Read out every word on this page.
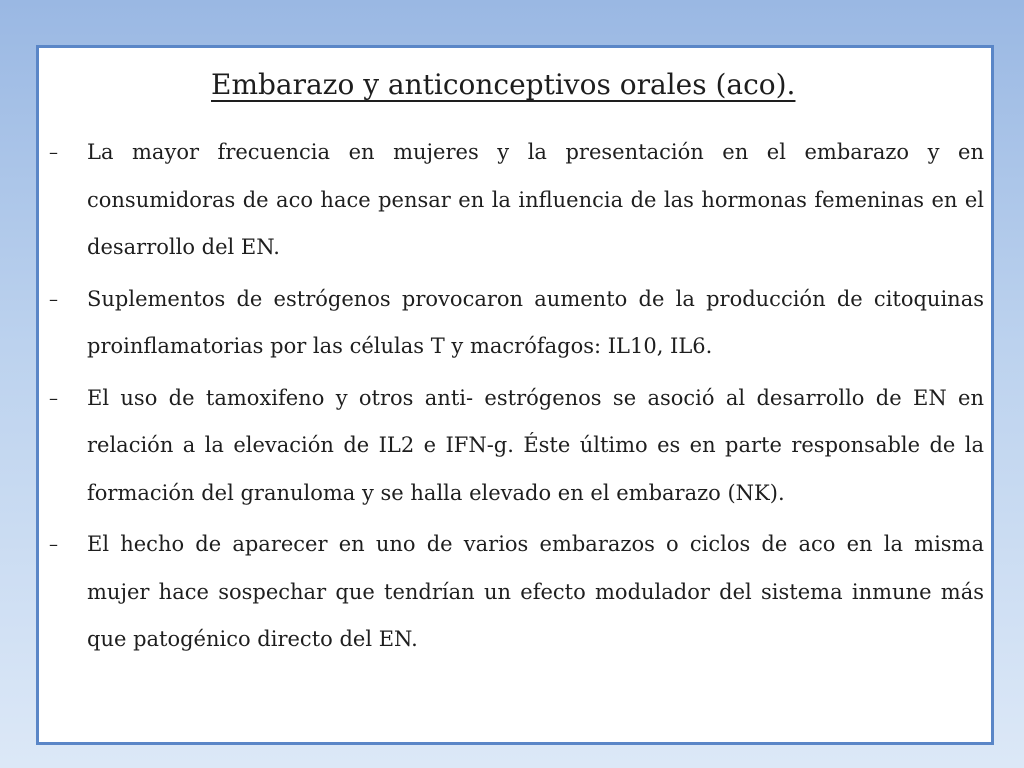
Embarazo y anticonceptivos orales (aco).
– La mayor frecuencia en mujeres y la presentación en el embarazo y en consumidoras de aco hace pensar en la influencia de las hormonas femeninas en el desarrollo del EN.
– Suplementos de estrógenos provocaron aumento de la producción de citoquinas proinflamatorias por las células T y macrófagos: IL10, IL6.
– El uso de tamoxifeno y otros anti- estrógenos se asoció al desarrollo de EN en relación a la elevación de IL2 e IFN-g. Éste último es en parte responsable de la formación del granuloma y se halla elevado en el embarazo (NK).
– El hecho de aparecer en uno de varios embarazos o ciclos de aco en la misma mujer hace sospechar que tendrían un efecto modulador del sistema inmune más que patogénico directo del EN.
